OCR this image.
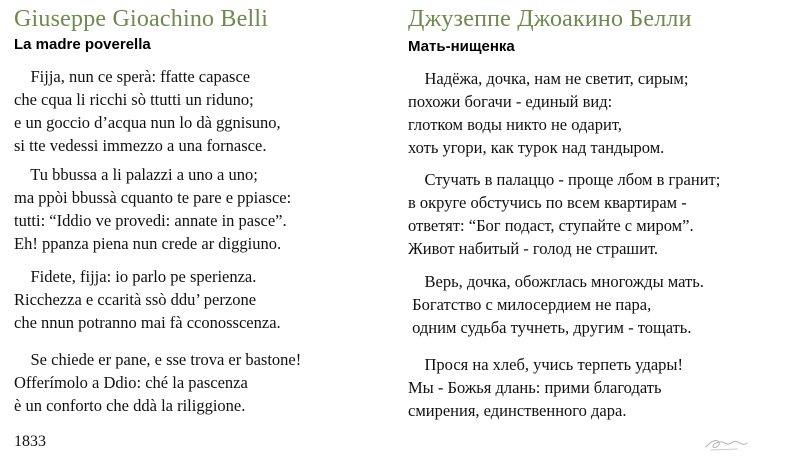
Giuseppe Gioachino Belli
La madre poverella
Fijja, nun ce sperà: ffatte capasce
che cqua li ricchi sò ttutti un riduno;
e un goccio d’acqua nun lo dà ggnisuno,
si tte vedessi immezzo a una fornasce.
Tu bbussa a li palazzi a uno a uno;
ma ppòi bbussà cquanto te pare e ppiasce:
tutti: “Iddio ve provedi: annate in pasce”.
Eh! ppanza piena nun crede ar diggiuno.
Fidete, fijja: io parlo pe sperienza.
Ricchezza e ccarità ssò ddu’ perzone
che nnun potranno mai fà cconosscenza.
Se chiede er pane, e sse trova er bastone!
Offerímolo a Ddio: ché la pascenza
è un conforto che ddà la riliggione.
Джузеппе Джоакино Белли
Мать-нищенка
Надёжа, дочка, нам не светит, сирым;
похожи богачи - единый вид:
глотком воды никто не одарит,
хоть угори, как турок над тандыром.
Стучать в палаццо - проще лбом в гранит;
в округе обстучись по всем квартирам -
ответят: “Бог подаст, ступайте с миром”.
Живот набитый - голод не страшит.
Верь, дочка, обожглась многожды мать.
Богатство с милосердием не пара,
одним судьба тучнеть, другим - тощать.
Прося на хлеб, учись терпеть удары!
Мы - Божья длань: прими благодать
смирения, единственного дара.
1833
